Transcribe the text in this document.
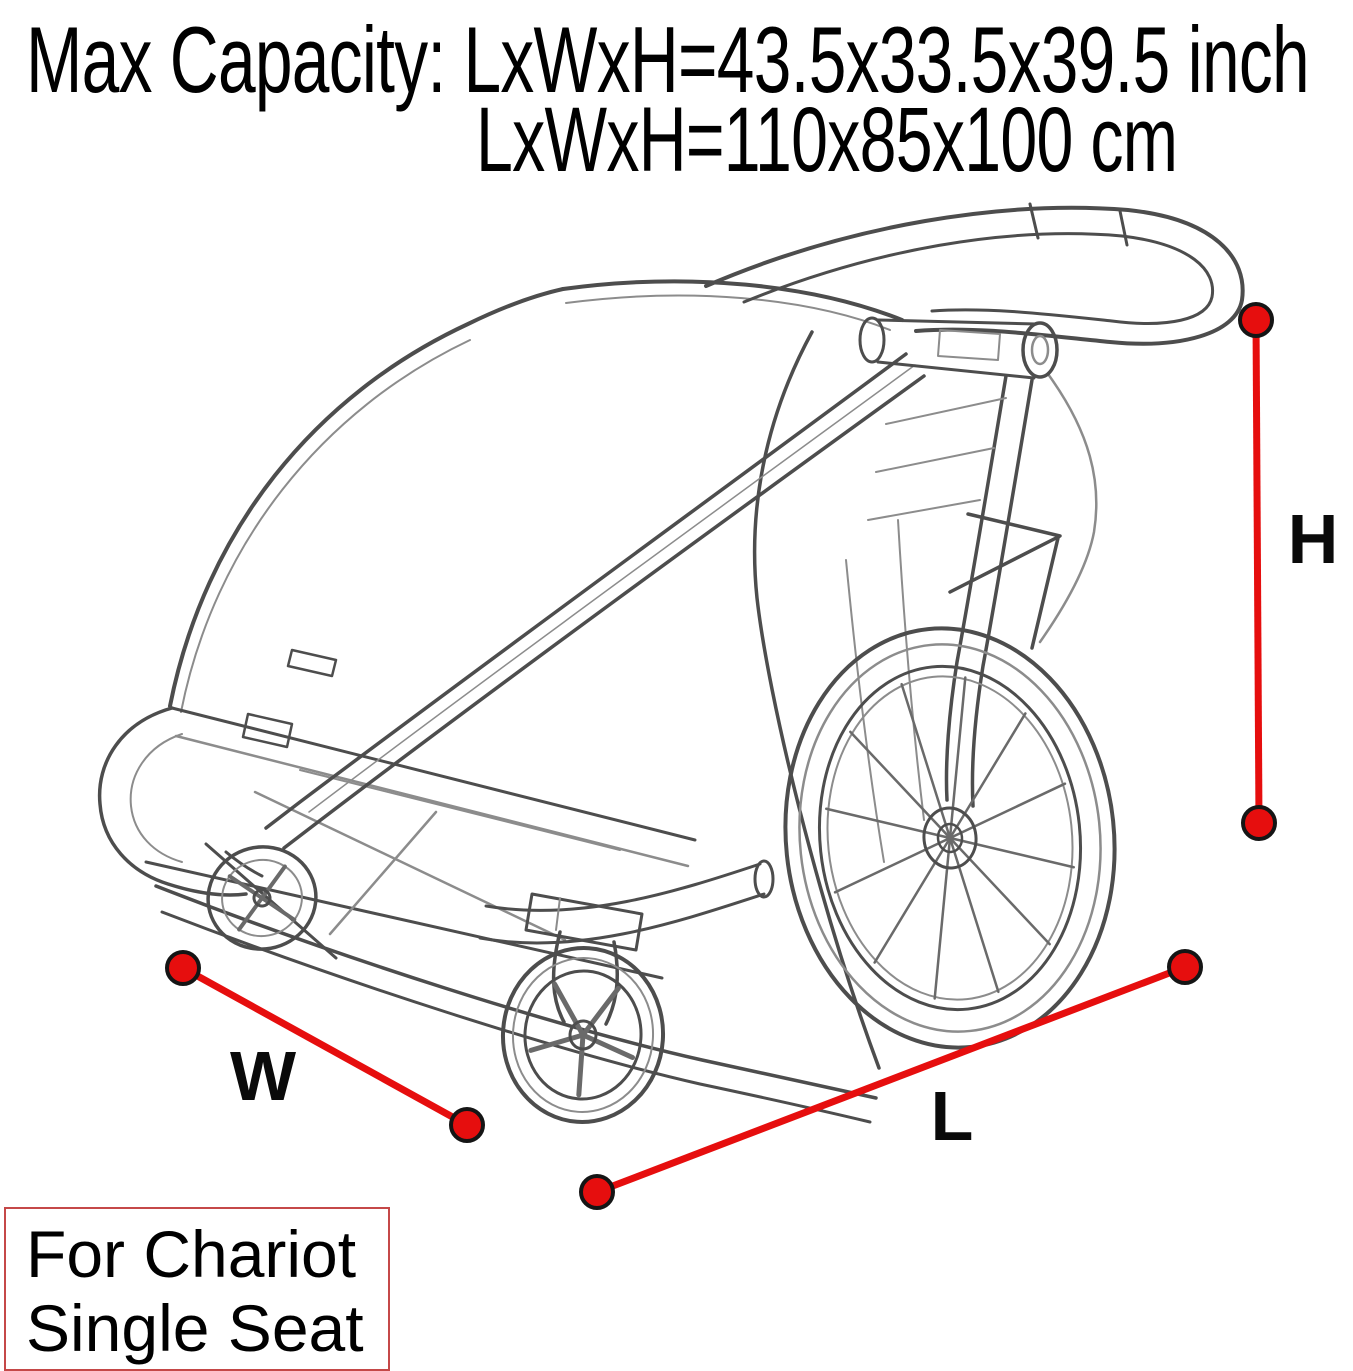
Max Capacity: LxWxH=43.5x33.5x39.5 inch
LxWxH=110x85x100 cm
W
L
H
For Chariot
Single Seat
